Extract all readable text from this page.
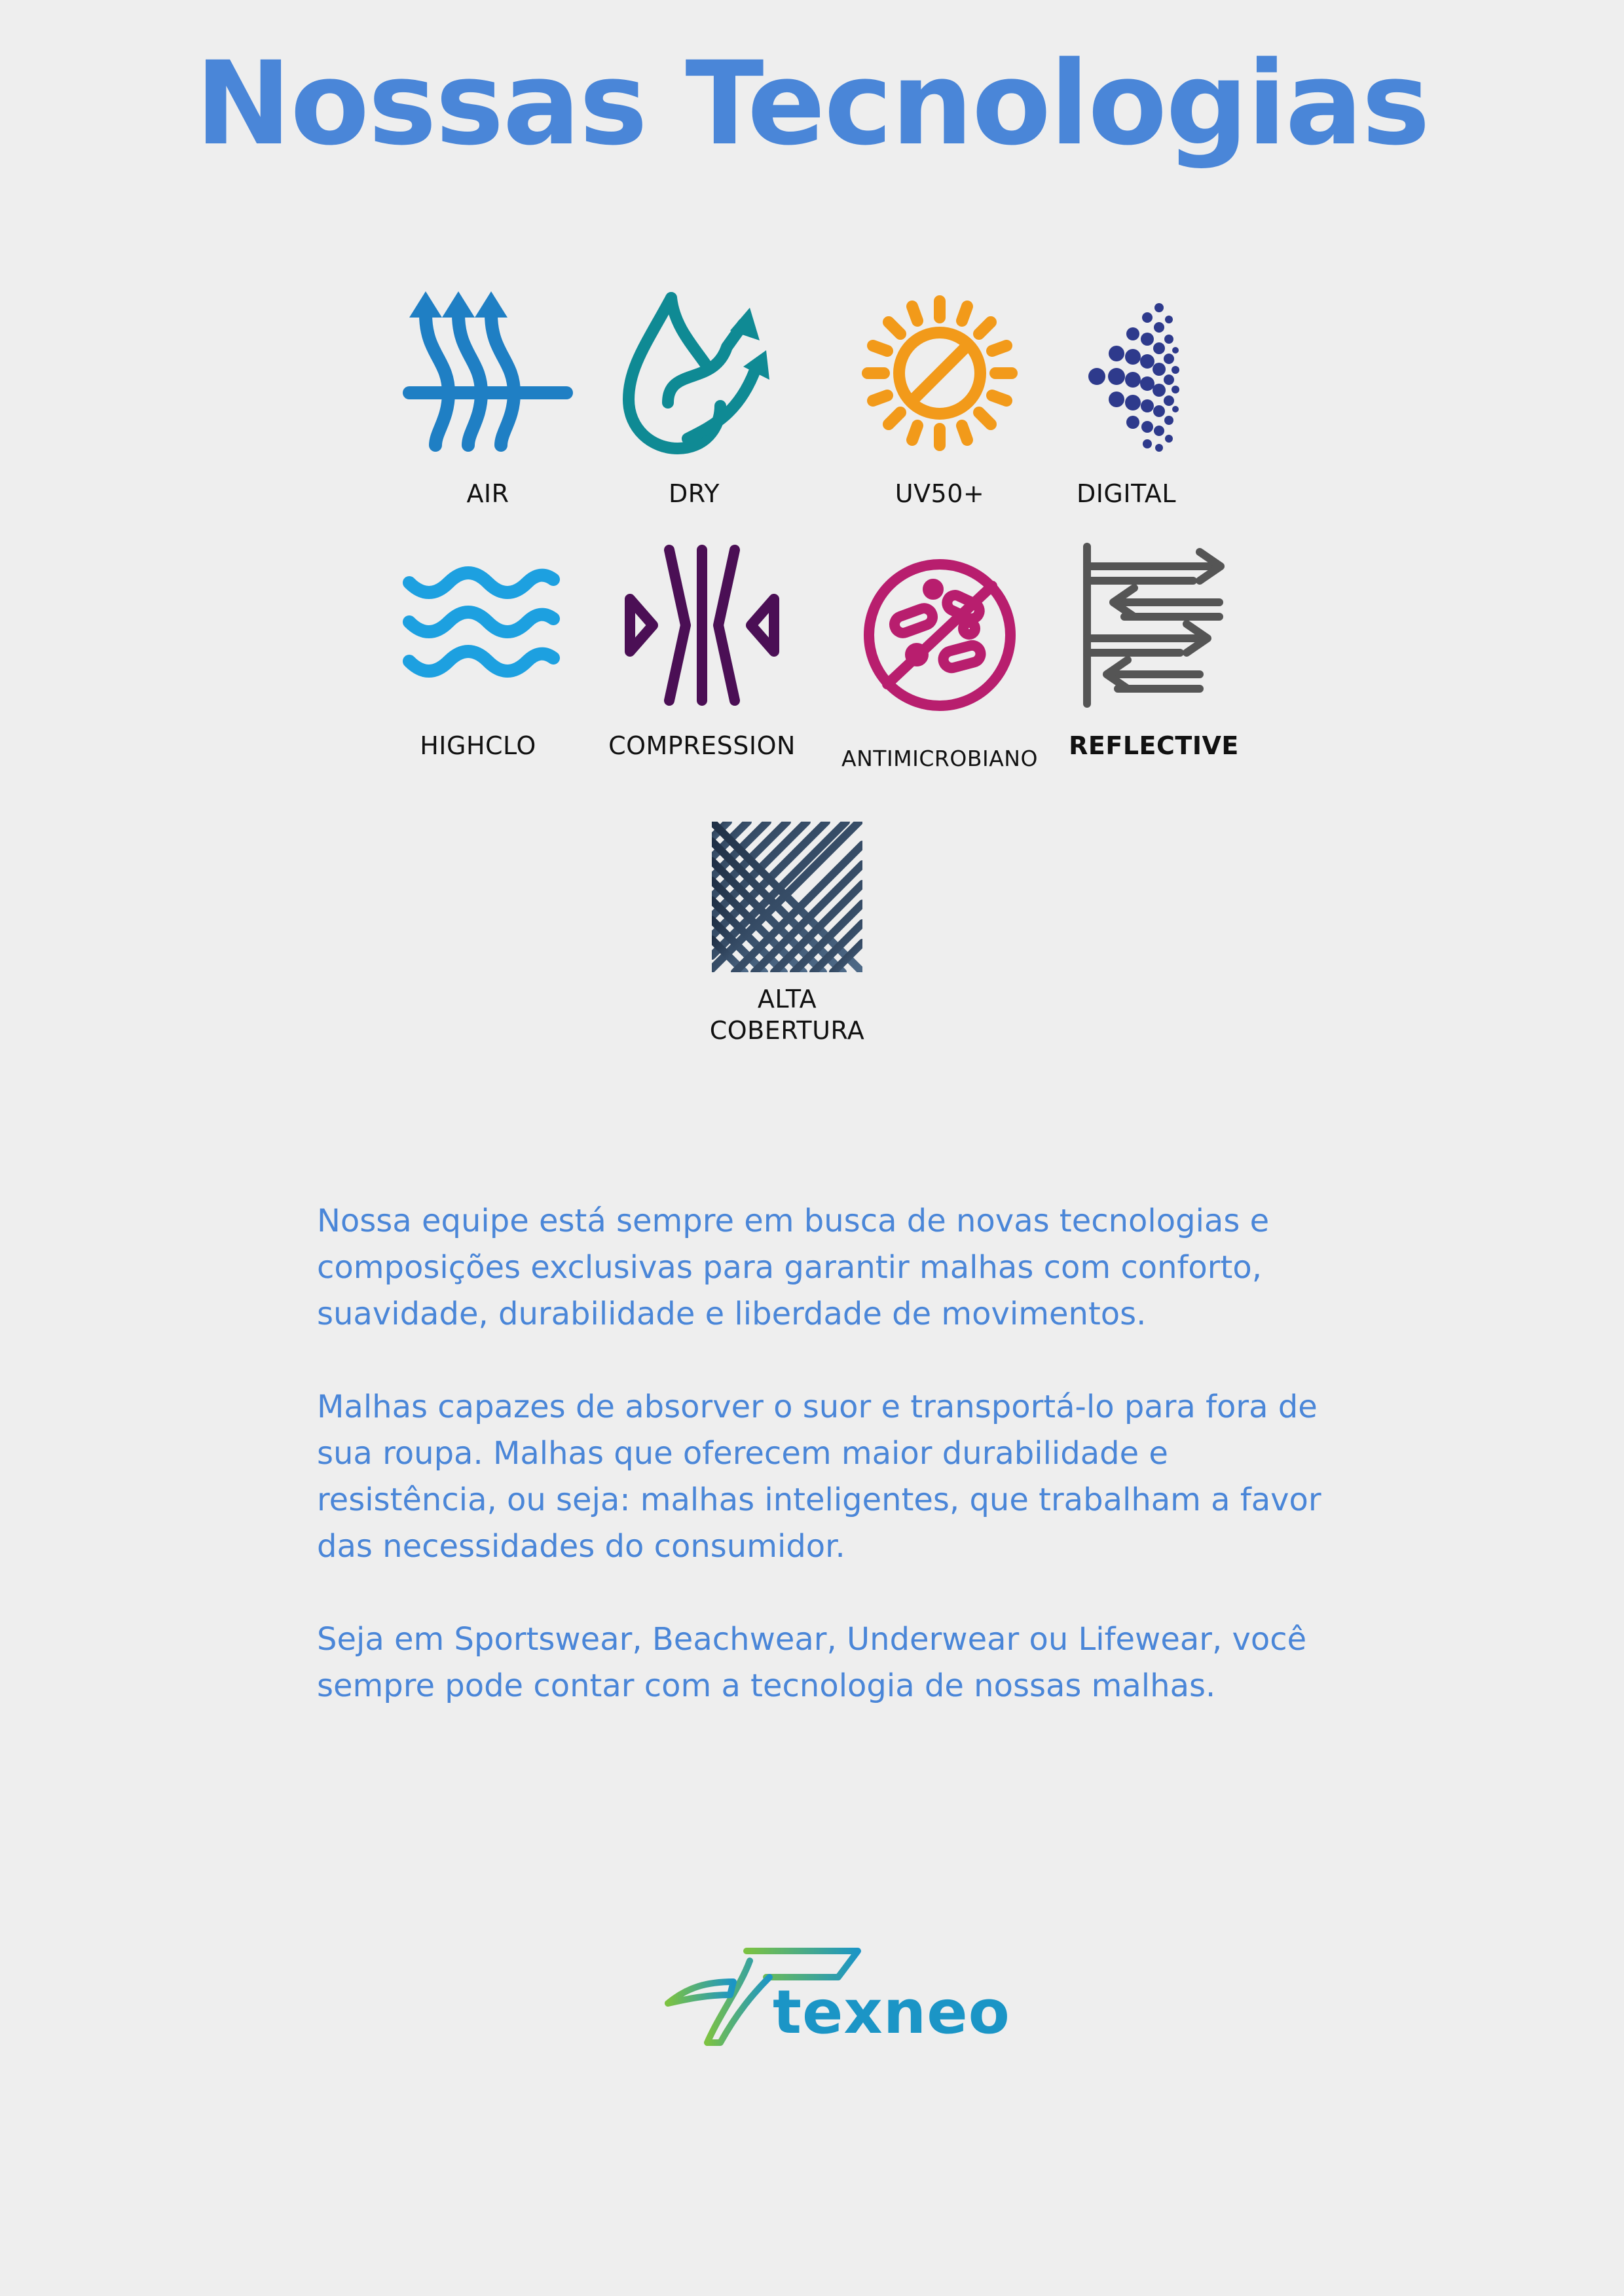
Nossas Tecnologias
AIR	DRY	UV50+	DIGITAL
HIGHCLO	COMPRESSION	ANTIMICROBIANO	REFLECTIVE
ALTA
COBERTURA

Nossa equipe está sempre em busca de novas tecnologias e composições exclusivas para garantir malhas com conforto, suavidade, durabilidade e liberdade de movimentos.

Malhas capazes de absorver o suor e transportá-lo para fora de sua roupa. Malhas que oferecem maior durabilidade e resistência, ou seja: malhas inteligentes, que trabalham a favor das necessidades do consumidor.

Seja em Sportswear, Beachwear, Underwear ou Lifewear, você sempre pode contar com a tecnologia de nossas malhas.

texneo
